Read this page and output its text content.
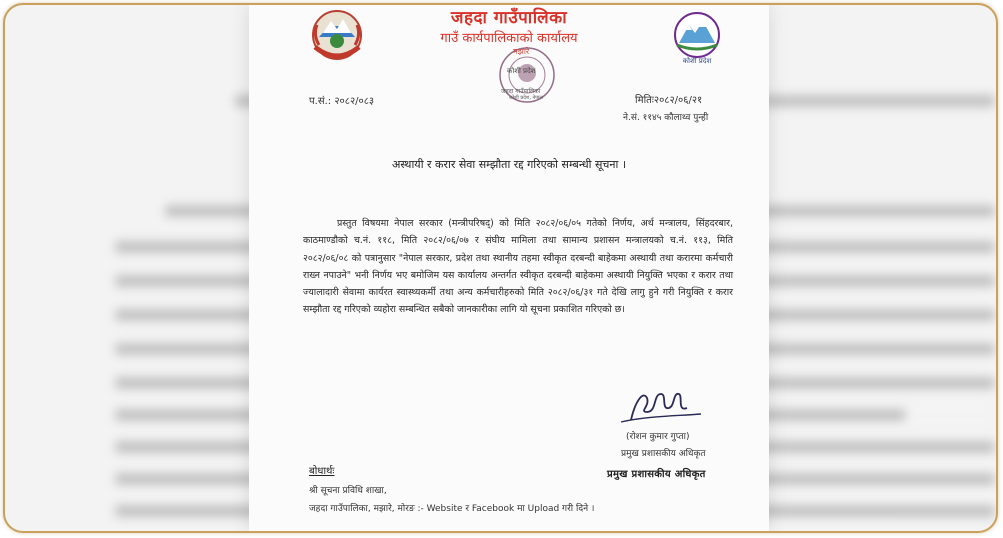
जहदा गाउँपालिका
गाउँ कार्यपालिकाको कार्यालय
कोशी प्रदेश
मझारे
कोशी प्रदेश
जहदा गाउँपालिका
कोशी प्रदेश, नेपाल
प.सं.: २०८२/०८३	मितिः२०८२/०६/२१
ने.सं. ११४५ कौलाथ्व पुन्ही
अस्थायी र करार सेवा सम्झौता रद्द गरिएको सम्बन्धी सूचना ।
प्रस्तुत विषयमा नेपाल सरकार (मन्त्रीपरिषद्) को मिति २०८२/०६/०५ गतेको निर्णय, अर्थ मन्त्रालय, सिंहदरबार, काठमाण्डौको च.नं. ११८, मिति २०८२/०६/०७ र संघीय मामिला तथा सामान्य प्रशासन मन्त्रालयको च.नं. ११३, मिति २०८२/०६/०८ को पत्रानुसार "नेपाल सरकार, प्रदेश तथा स्थानीय तहमा स्वीकृत दरबन्दी बाहेकमा अस्थायी तथा करारमा कर्मचारी राख्न नपाउने" भनी निर्णय भए बमोजिम यस कार्यालय अन्तर्गत स्वीकृत दरबन्दी बाहेकमा अस्थायी नियुक्ति भएका र करार तथा ज्यालादारी सेवामा कार्यरत स्वास्थ्यकर्मी तथा अन्य कर्मचारीहरुको मिति २०८२/०६/३१ गते देखि लागु हुने गरी नियुक्ति र करार सम्झौता रद्द गरिएको व्यहोरा सम्बन्धित सबैको जानकारीका लागि यो सूचना प्रकाशित गरिएको छ।
(रोशन कुमार गुप्ता)
प्रमुख प्रशासकीय अधिकृत
प्रमुख प्रशासकीय अधिकृत
बोधार्थः
श्री सूचना प्रविधि शाखा,
जहदा गाउँपालिका, मझारे, मोरङ :- Website र Facebook मा Upload गरी दिने ।
